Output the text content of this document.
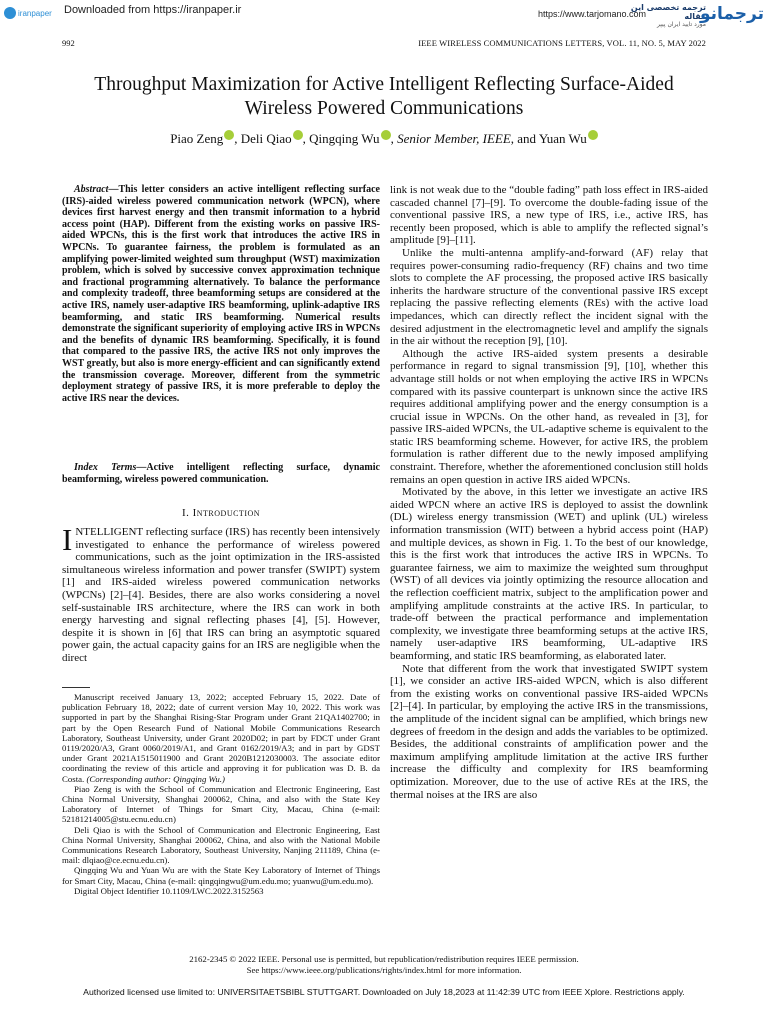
iranpaper Downloaded from https://iranpaper.ir	https://www.tarjomano.com
ترجمه تخصصی این مقاله
مورد تایید ایران پیپر
ترجمانو
992	IEEE WIRELESS COMMUNICATIONS LETTERS, VOL. 11, NO. 5, MAY 2022
Throughput Maximization for Active Intelligent Reflecting Surface-Aided
Wireless Powered Communications
Piao Zeng , Deli Qiao , Qingqing Wu , Senior Member, IEEE, and Yuan Wu

Abstract—This letter considers an active intelligent reflecting surface (IRS)-aided wireless powered communication network (WPCN), where devices first harvest energy and then transmit information to a hybrid access point (HAP). Different from the existing works on passive IRS-aided WPCNs, this is the first work that introduces the active IRS in WPCNs. To guarantee fairness, the problem is formulated as an amplifying power-limited weighted sum throughput (WST) maximization problem, which is solved by successive convex approximation technique and fractional programming alternatively. To balance the performance and complexity tradeoff, three beamforming setups are considered at the active IRS, namely user-adaptive IRS beamforming, uplink-adaptive IRS beamforming, and static IRS beamforming. Numerical results demonstrate the significant superiority of employing active IRS in WPCNs and the benefits of dynamic IRS beamforming. Specifically, it is found that compared to the passive IRS, the active IRS not only improves the WST greatly, but also is more energy-efficient and can significantly extend the transmission coverage. Moreover, different from the symmetric deployment strategy of passive IRS, it is more preferable to deploy the active IRS near the devices.

Index Terms—Active intelligent reflecting surface, dynamic beamforming, wireless powered communication.

I. Introduction

INTELLIGENT reflecting surface (IRS) has recently been intensively investigated to enhance the performance of wireless powered communications, such as the joint optimization in the IRS-assisted simultaneous wireless information and power transfer (SWIPT) system [1] and IRS-aided wireless powered communication networks (WPCNs) [2]–[4]. Besides, there are also works considering a novel self-sustainable IRS architecture, where the IRS can work in both energy harvesting and signal reflecting phases [4], [5]. However, despite it is shown in [6] that IRS can bring an asymptotic squared power gain, the actual capacity gains for an IRS are negligible when the direct

Manuscript received January 13, 2022; accepted February 15, 2022. Date of publication February 18, 2022; date of current version May 10, 2022. This work was supported in part by the Shanghai Rising-Star Program under Grant 21QA1402700; in part by the Open Research Fund of National Mobile Communications Research Laboratory, Southeast University, under Grant 2020D02; in part by FDCT under Grant 0119/2020/A3, Grant 0060/2019/A1, and Grant 0162/2019/A3; and in part by GDST under Grant 2021A1515011900 and Grant 2020B1212030003. The associate editor coordinating the review of this article and approving it for publication was D. B. da Costa. (Corresponding author: Qingqing Wu.)

Piao Zeng is with the School of Communication and Electronic Engineering, East China Normal University, Shanghai 200062, China, and also with the State Key Laboratory of Internet of Things for Smart City, Macau, China (e-mail: 52181214005@stu.ecnu.edu.cn)

Deli Qiao is with the School of Communication and Electronic Engineering, East China Normal University, Shanghai 200062, China, and also with the National Mobile Communications Research Laboratory, Southeast University, Nanjing 211189, China (e-mail: dlqiao@ce.ecnu.edu.cn).

Qingqing Wu and Yuan Wu are with the State Key Laboratory of Internet of Things for Smart City, Macau, China (e-mail: qingqingwu@um.edu.mo; yuanwu@um.edu.mo).

Digital Object Identifier 10.1109/LWC.2022.3152563

link is not weak due to the “double fading” path loss effect in IRS-aided cascaded channel [7]–[9]. To overcome the double-fading issue of the conventional passive IRS, a new type of IRS, i.e., active IRS, has recently been proposed, which is able to amplify the reflected signal’s amplitude [9]–[11].

Unlike the multi-antenna amplify-and-forward (AF) relay that requires power-consuming radio-frequency (RF) chains and two time slots to complete the AF processing, the proposed active IRS basically inherits the hardware structure of the conventional passive IRS except replacing the passive reflecting elements (REs) with the active load impedances, which can directly reflect the incident signal with the desired adjustment in the electromagnetic level and amplify the signals in the air without the reception [9], [10].

Although the active IRS-aided system presents a desirable performance in regard to signal transmission [9], [10], whether this advantage still holds or not when employing the active IRS in WPCNs compared with its passive counterpart is unknown since the active IRS requires additional amplifying power and the energy consumption is a crucial issue in WPCNs. On the other hand, as revealed in [3], for passive IRS-aided WPCNs, the UL-adaptive scheme is equivalent to the static IRS beamforming scheme. However, for active IRS, the problem formulation is rather different due to the newly imposed amplifying constraint. Therefore, whether the aforementioned conclusion still holds remains an open question in active IRS aided WPCNs.

Motivated by the above, in this letter we investigate an active IRS aided WPCN where an active IRS is deployed to assist the downlink (DL) wireless energy transmission (WET) and uplink (UL) wireless information transmission (WIT) between a hybrid access point (HAP) and multiple devices, as shown in Fig. 1. To the best of our knowledge, this is the first work that introduces the active IRS in WPCNs. To guarantee fairness, we aim to maximize the weighted sum throughput (WST) of all devices via jointly optimizing the resource allocation and the reflection coefficient matrix, subject to the amplification power and amplifying amplitude constraints at the active IRS. In particular, to trade-off between the practical performance and implementation complexity, we investigate three beamforming setups at the active IRS, namely user-adaptive IRS beamforming, UL-adaptive IRS beamforming, and static IRS beamforming, as elaborated later.

Note that different from the work that investigated SWIPT system [1], we consider an active IRS-aided WPCN, which is also different from the existing works on conventional passive IRS-aided WPCNs [2]–[4]. In particular, by employing the active IRS in the transmissions, the amplitude of the incident signal can be amplified, which brings new degrees of freedom in the design and adds the variables to be optimized. Besides, the additional constraints of amplification power and the maximum amplifying amplitude limitation at the active IRS further increase the difficulty and complexity for IRS beamforming optimization. Moreover, due to the use of active REs at the IRS, the thermal noises at the IRS are also

2162-2345 © 2022 IEEE. Personal use is permitted, but republication/redistribution requires IEEE permission.
See https://www.ieee.org/publications/rights/index.html for more information.
Authorized licensed use limited to: UNIVERSITAETSBIBL STUTTGART. Downloaded on July 18,2023 at 11:42:39 UTC from IEEE Xplore. Restrictions apply.
